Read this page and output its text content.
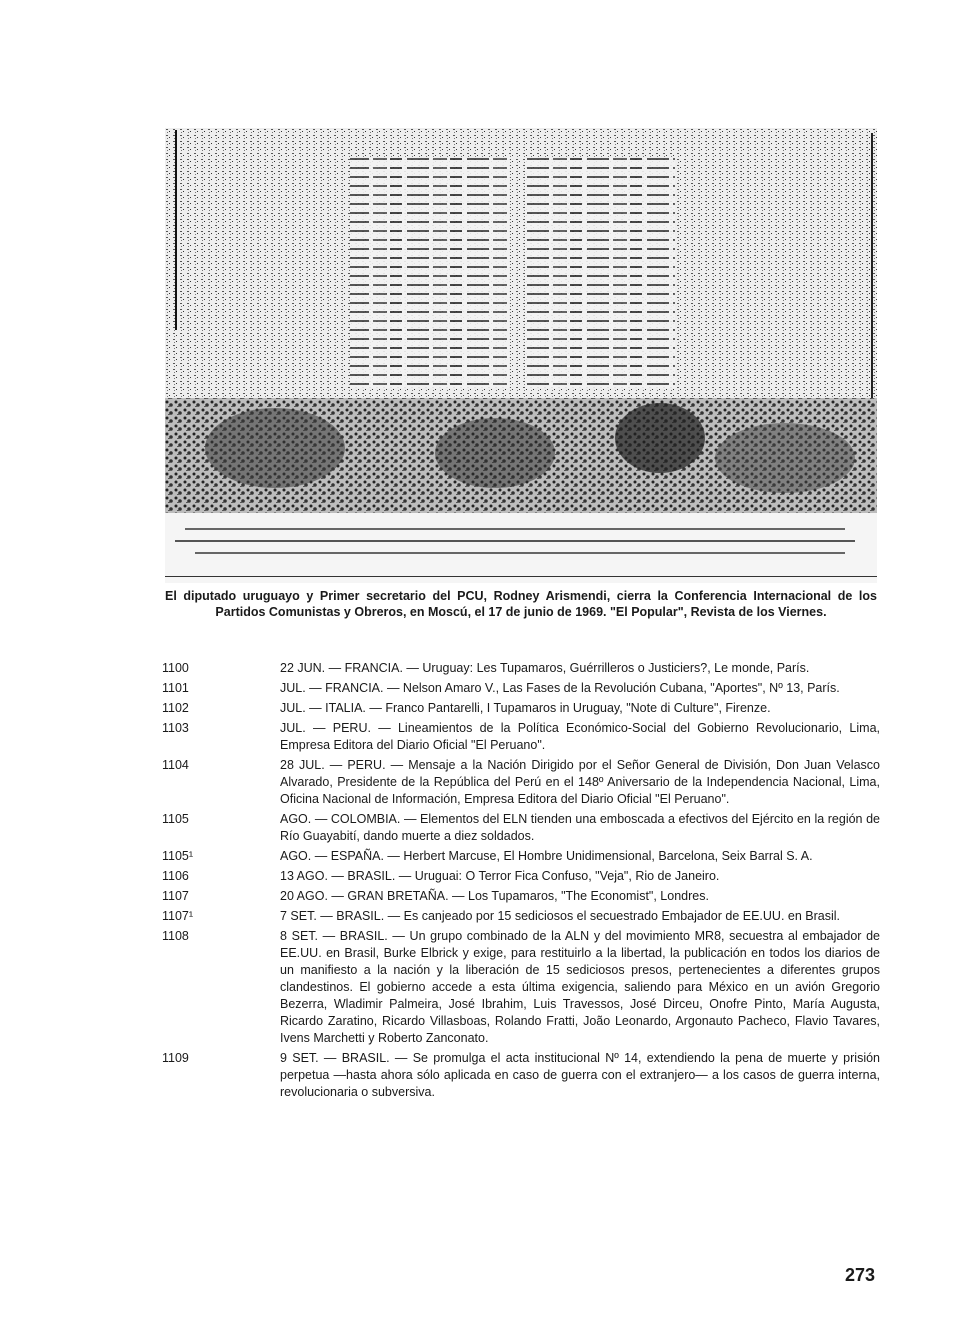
El diputado uruguayo y Primer secretario del PCU, Rodney Arismendi, cierra la Conferencia Internacional de los Partidos Comunistas y Obreros, en Moscú, el 17 de junio de 1969. "El Popular", Revista de los Viernes.
1100	22 JUN. — FRANCIA. — Uruguay: Les Tupamaros, Guérrilleros o Justiciers?, Le monde, París.
1101	JUL. — FRANCIA. — Nelson Amaro V., Las Fases de la Revolución Cubana, "Aportes", Nº 13, París.
1102	JUL. — ITALIA. — Franco Pantarelli, I Tupamaros in Uruguay, "Note di Culture", Firenze.
1103	JUL. — PERU. — Lineamientos de la Política Económico-Social del Gobierno Revolucionario, Lima, Empresa Editora del Diario Oficial "El Peruano".
1104	28 JUL. — PERU. — Mensaje a la Nación Dirigido por el Señor General de División, Don Juan Velasco Alvarado, Presidente de la República del Perú en el 148º Aniversario de la Independencia Nacional, Lima, Oficina Nacional de Información, Empresa Editora del Diario Oficial "El Peruano".
1105	AGO. — COLOMBIA. — Elementos del ELN tienden una emboscada a efectivos del Ejército en la región de Río Guayabití, dando muerte a diez soldados.
1105¹	AGO. — ESPAÑA. — Herbert Marcuse, El Hombre Unidimensional, Barcelona, Seix Barral S. A.
1106	13 AGO. — BRASIL. — Uruguai: O Terror Fica Confuso, "Veja", Rio de Janeiro.
1107	20 AGO. — GRAN BRETAÑA. — Los Tupamaros, "The Economist", Londres.
1107¹	7 SET. — BRASIL. — Es canjeado por 15 sediciosos el secuestrado Embajador de EE.UU. en Brasil.
1108	8 SET. — BRASIL. — Un grupo combinado de la ALN y del movimiento MR8, secuestra al embajador de EE.UU. en Brasil, Burke Elbrick y exige, para restituirlo a la libertad, la publicación en todos los diarios de un manifiesto a la nación y la liberación de 15 sediciosos presos, pertenecientes a diferentes grupos clandestinos. El gobierno accede a esta última exigencia, saliendo para México en un avión Gregorio Bezerra, Wladimir Palmeira, José Ibrahim, Luis Travessos, José Dirceu, Onofre Pinto, María Augusta, Ricardo Zaratino, Ricardo Villasboas, Rolando Fratti, João Leonardo, Argonauto Pacheco, Flavio Tavares, Ivens Marchetti y Roberto Zanconato.
1109	9 SET. — BRASIL. — Se promulga el acta institucional Nº 14, extendiendo la pena de muerte y prisión perpetua —hasta ahora sólo aplicada en caso de guerra con el extranjero— a los casos de guerra interna, revolucionaria o subversiva.
273
